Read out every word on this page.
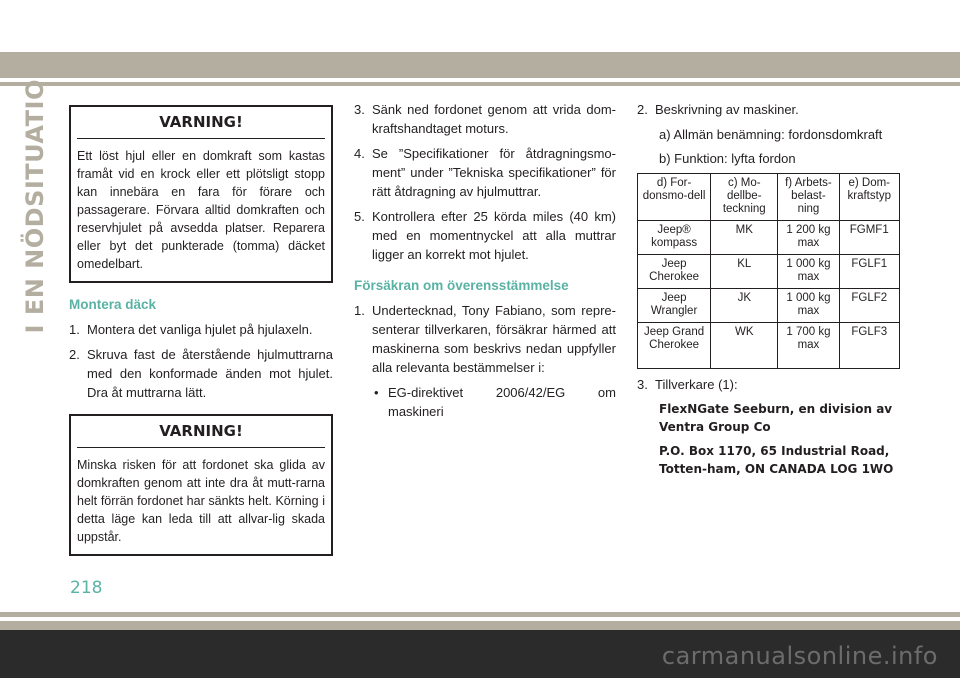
I EN NÖDSITUATION	VARNING!
Ett löst hjul eller en domkraft som kastas framåt vid en krock eller ett plötsligt stopp kan innebära en fara för förare och passagerare. Förvara alltid domkraften och reservhjulet på avsedda platser. Reparera eller byt det punkterade (tomma) däcket omedelbart.
Montera däck
1. Montera det vanliga hjulet på hjulaxeln.
2. Skruva fast de återstående hjulmuttrarna med den konformade änden mot hjulet. Dra åt muttrarna lätt.
VARNING!
Minska risken för att fordonet ska glida av domkraften genom att inte dra åt mutt-rarna helt förrän fordonet har sänkts helt. Körning i detta läge kan leda till att allvar-lig skada uppstår.
3. Sänk ned fordonet genom att vrida dom-kraftshandtaget moturs.
4. Se ”Specifikationer för åtdragningsmo-ment” under ”Tekniska specifikationer” för rätt åtdragning av hjulmuttrar.
5. Kontrollera efter 25 körda miles (40 km) med en momentnyckel att alla muttrar ligger an korrekt mot hjulet.
Försäkran om överensstämmelse
1. Undertecknad, Tony Fabiano, som repre-senterar tillverkaren, försäkrar härmed att maskinerna som beskrivs nedan uppfyller alla relevanta bestämmelser i:
• EG-direktivet 2006/42/EG om maskineri
2. Beskrivning av maskiner.
a) Allmän benämning: fordonsdomkraft
b) Funktion: lyfta fordon
d) For-donsmo-dell	c) Mo-dellbe-teckning	f) Arbets-belast-ning	e) Dom-kraftstyp
Jeep® kompass	MK	1 200 kg max	FGMF1
Jeep Cherokee	KL	1 000 kg max	FGLF1
Jeep Wrangler	JK	1 000 kg max	FGLF2
Jeep Grand Cherokee	WK	1 700 kg max	FGLF3
3. Tillverkare (1):
FlexNGate Seeburn, en division av Ventra Group Co
P.O. Box 1170, 65 Industrial Road, Totten-ham, ON CANADA LOG 1WO
218
carmanualsonline.info
